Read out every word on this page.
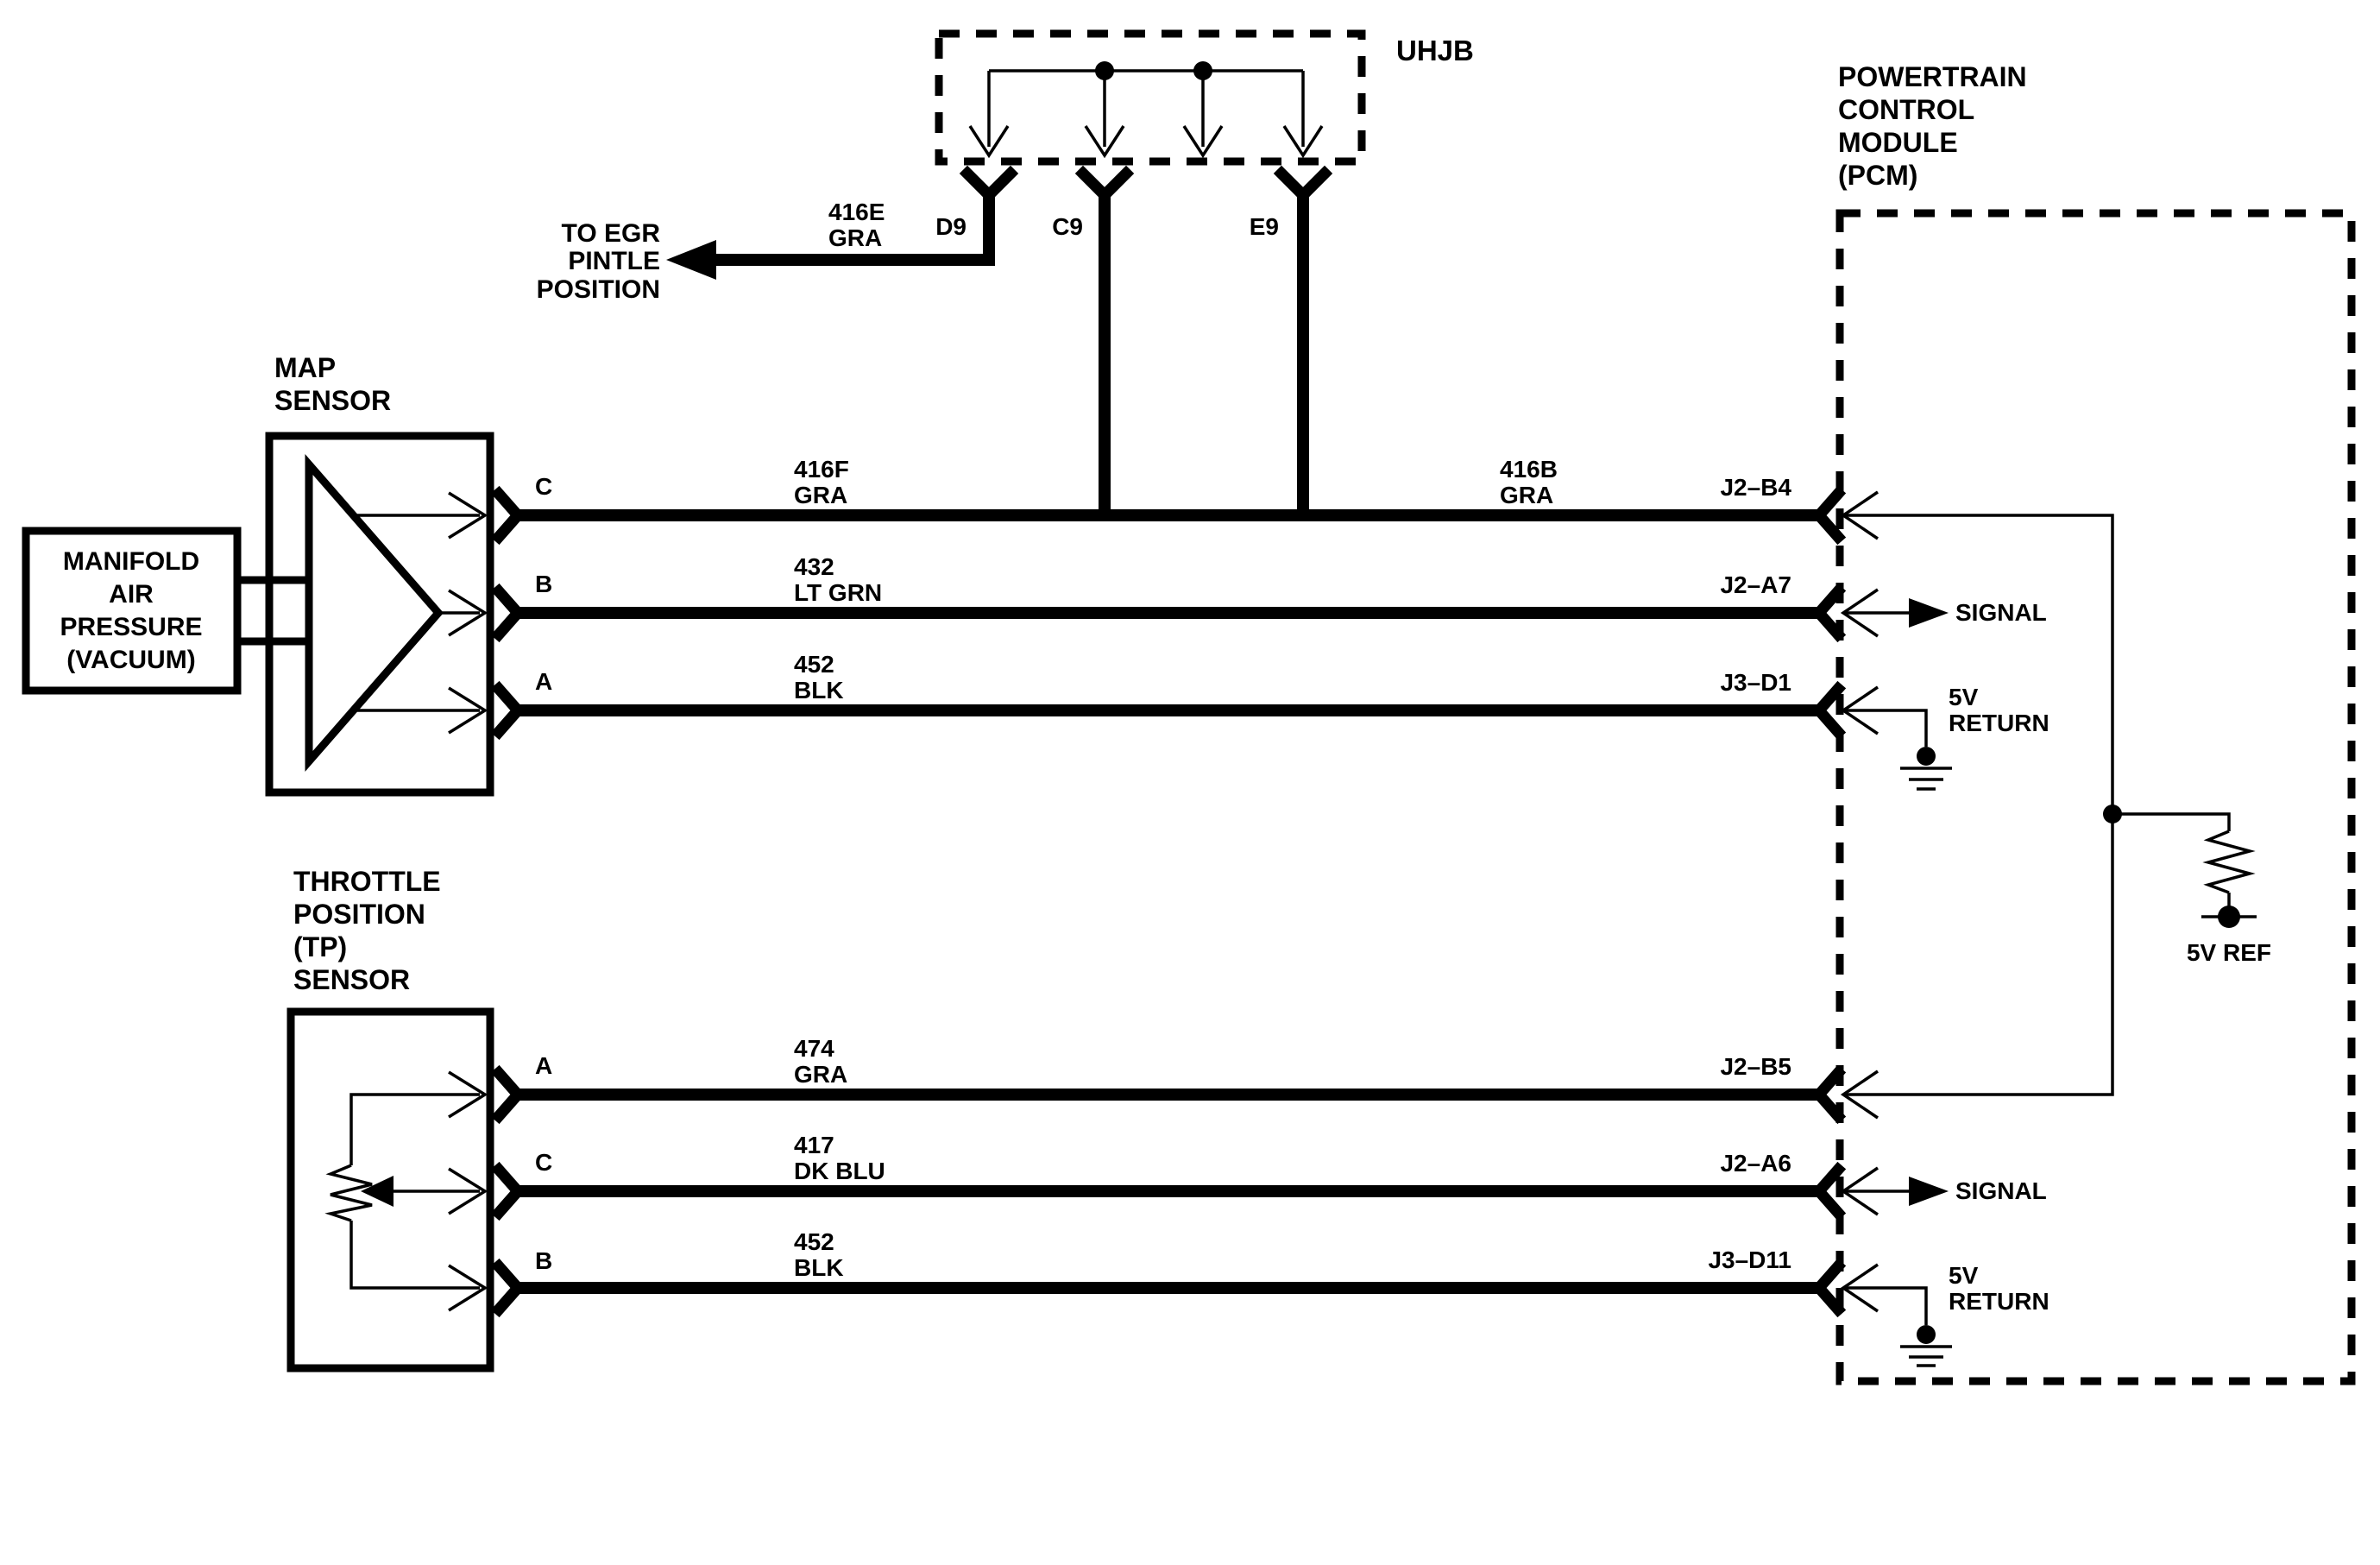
UHJB
D9	C9	E9
416E
GRA
TO EGR
PINTLE
POSITION
MANIFOLD
AIR
PRESSURE
(VACUUM)
MAP
SENSOR
C
B
A
416F
GRA
432
LT GRN
452
BLK
416B
GRA	J2–B4
J2–A7
J3–D1
THROTTLE
POSITION
(TP)
SENSOR
A
C
B
474
GRA
417
DK BLU
452
BLK
J2–B5
J2–A6
J3–D11
POWERTRAIN
CONTROL
MODULE
(PCM)
5V REF
SIGNAL
5V
RETURN
SIGNAL
5V
RETURN
